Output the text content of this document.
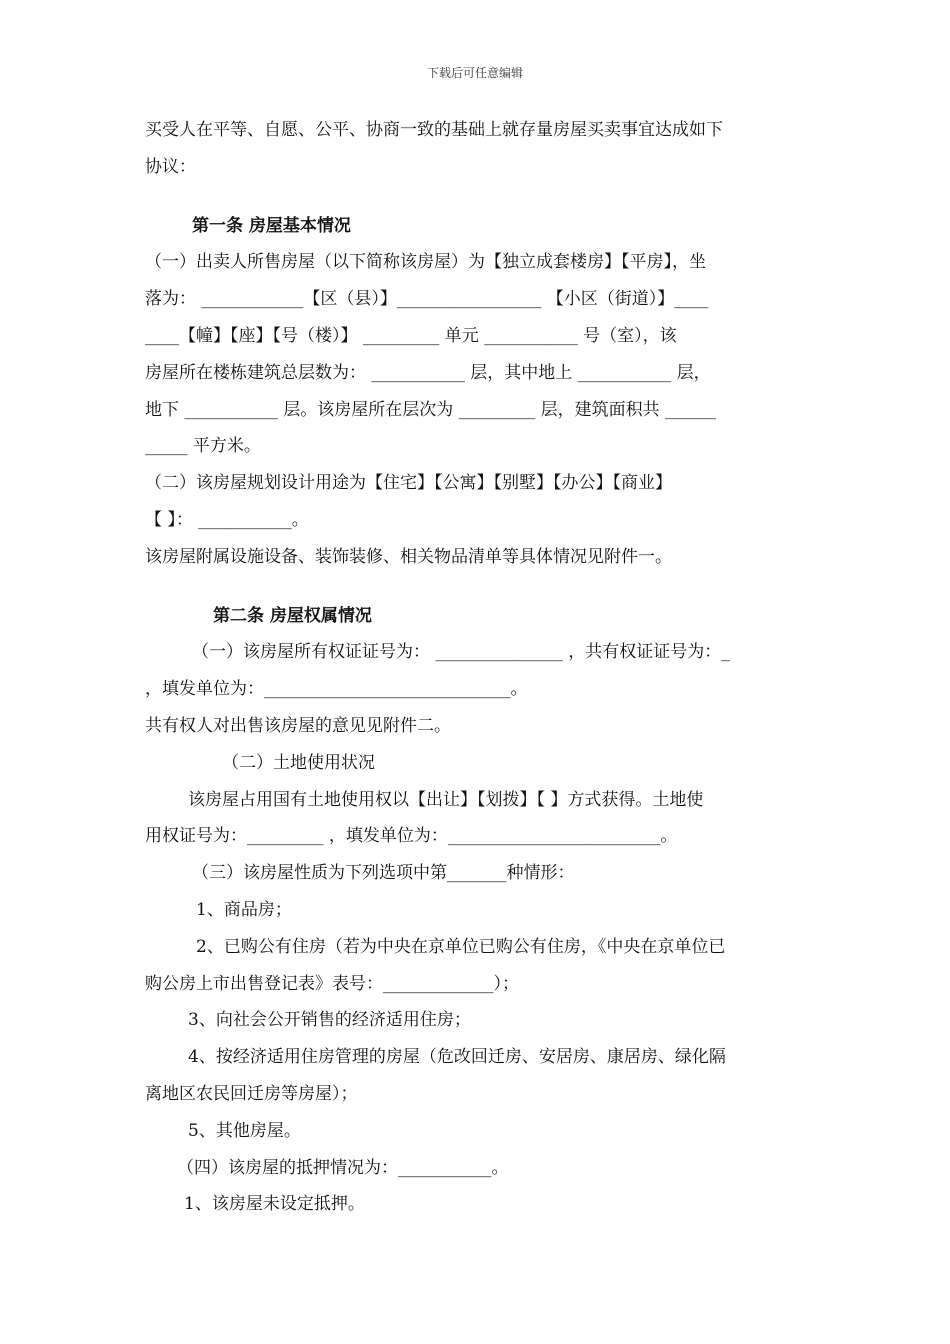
下载后可任意编辑
买受人在平等、自愿、公平、协商一致的基础上就存量房屋买卖事宜达成如下
协议：
第一条 房屋基本情况
（一）出卖人所售房屋（以下简称该房屋）为【独立成套楼房】【平房】，坐
落为： ____________【区（县）】_________________ 【小区（街道）】____
____【幢】【座】【号（楼）】 _________ 单元 ___________ 号（室），该
房屋所在楼栋建筑总层数为： ___________ 层，其中地上 ___________ 层，
地下 ___________ 层。该房屋所在层次为 _________ 层，建筑面积共 ______
_____ 平方米。
（二）该房屋规划设计用途为【住宅】【公寓】【别墅】【办公】【商业】
【 】： ___________。
该房屋附属设施设备、装饰装修、相关物品清单等具体情况见附件一。
第二条 房屋权属情况
（一）该房屋所有权证证号为： _______________ ，共有权证证号为：_
，填发单位为：_____________________________。
共有权人对出售该房屋的意见见附件二。
（二）土地使用状况
该房屋占用国有土地使用权以【出让】【划拨】【 】方式获得。土地使
用权证号为：_________ ，填发单位为：_________________________。
（三）该房屋性质为下列选项中第_______种情形：
1、商品房；
2、已购公有住房（若为中央在京单位已购公有住房，《中央在京单位已
购公房上市出售登记表》表号：_____________）；
3、向社会公开销售的经济适用住房；
4、按经济适用住房管理的房屋（危改回迁房、安居房、康居房、绿化隔
离地区农民回迁房等房屋）；
5、其他房屋。
（四）该房屋的抵押情况为：___________。
1、该房屋未设定抵押。
